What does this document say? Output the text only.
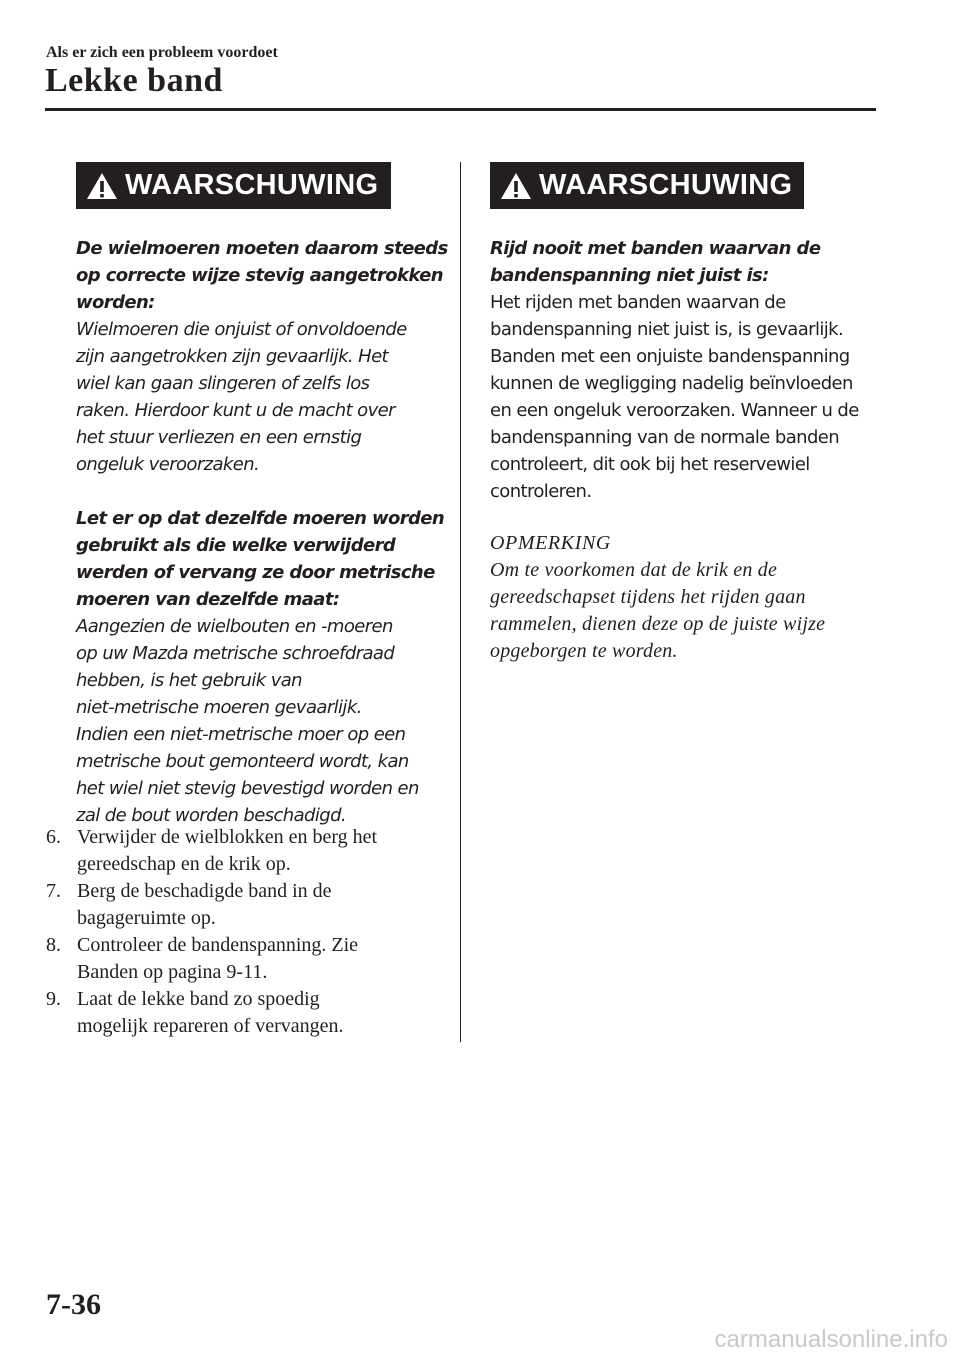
Als er zich een probleem voordoet
Lekke band
WAARSCHUWING

De wielmoeren moeten daarom steeds

op correcte wijze stevig aangetrokken

worden:

Wielmoeren die onjuist of onvoldoende

zijn aangetrokken zijn gevaarlijk. Het

wiel kan gaan slingeren of zelfs los

raken. Hierdoor kunt u de macht over

het stuur verliezen en een ernstig

ongeluk veroorzaken.

Let er op dat dezelfde moeren worden

gebruikt als die welke verwijderd

werden of vervang ze door metrische

moeren van dezelfde maat:

Aangezien de wielbouten en -moeren

op uw Mazda metrische schroefdraad

hebben, is het gebruik van

niet-metrische moeren gevaarlijk.

Indien een niet-metrische moer op een

metrische bout gemonteerd wordt, kan

het wiel niet stevig bevestigd worden en

zal de bout worden beschadigd.

6. Verwijder de wielblokken en berg het
gereedschap en de krik op.
7. Berg de beschadigde band in de
bagageruimte op.
8. Controleer de bandenspanning. Zie
Banden op pagina 9-11.
9. Laat de lekke band zo spoedig
mogelijk repareren of vervangen.
WAARSCHUWING

Rijd nooit met banden waarvan de

bandenspanning niet juist is:

Het rijden met banden waarvan de

bandenspanning niet juist is, is gevaarlijk.

Banden met een onjuiste bandenspanning

kunnen de wegligging nadelig beïnvloeden

en een ongeluk veroorzaken. Wanneer u de

bandenspanning van de normale banden

controleert, dit ook bij het reservewiel

controleren.

OPMERKING
Om te voorkomen dat de krik en de
gereedschapset tijdens het rijden gaan
rammelen, dienen deze op de juiste wijze
opgeborgen te worden.
7-36
carmanualsonline.info
